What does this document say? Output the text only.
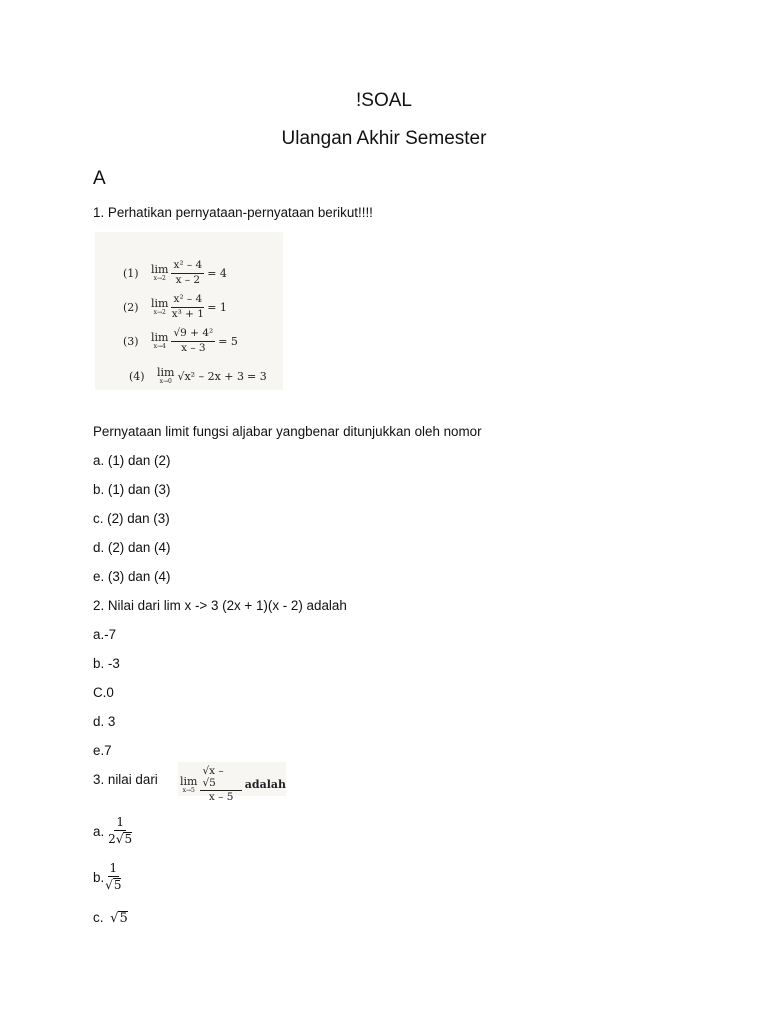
!SOAL
Ulangan Akhir Semester
A
1. Perhatikan pernyataan-pernyataan berikut!!!!
(1)	lim
$x\to 2 \frac{\text{x² – 4}}{x - 2} = 4$
(2)	lim
$x\to 2 \frac{\text{x² – 4}}{\text{x³ + 1}} = 1$
(3)	lim
$x\to 4 \frac{\text{√9 + 4²}}{x - 3} = 5$
(4)	lim
x→0 √x² – 2x + 3 = 3
Pernyataan limit fungsi aljabar yangbenar ditunjukkan oleh nomor
a. (1) dan (2)
b. (1) dan (3)
c. (2) dan (3)
d. (2) dan (4)
e. (3) dan (4)
2. Nilai dari lim x -> 3 (2x + 1)(x - 2) adalah
a.-7
b. -3
C.0
d. 3
e.7
3. nilai dari lim
$x\to 5 \frac{√x - √5}{x - 5}$ adalah
a.
1
2√5
b.
1
√5
c. √5
